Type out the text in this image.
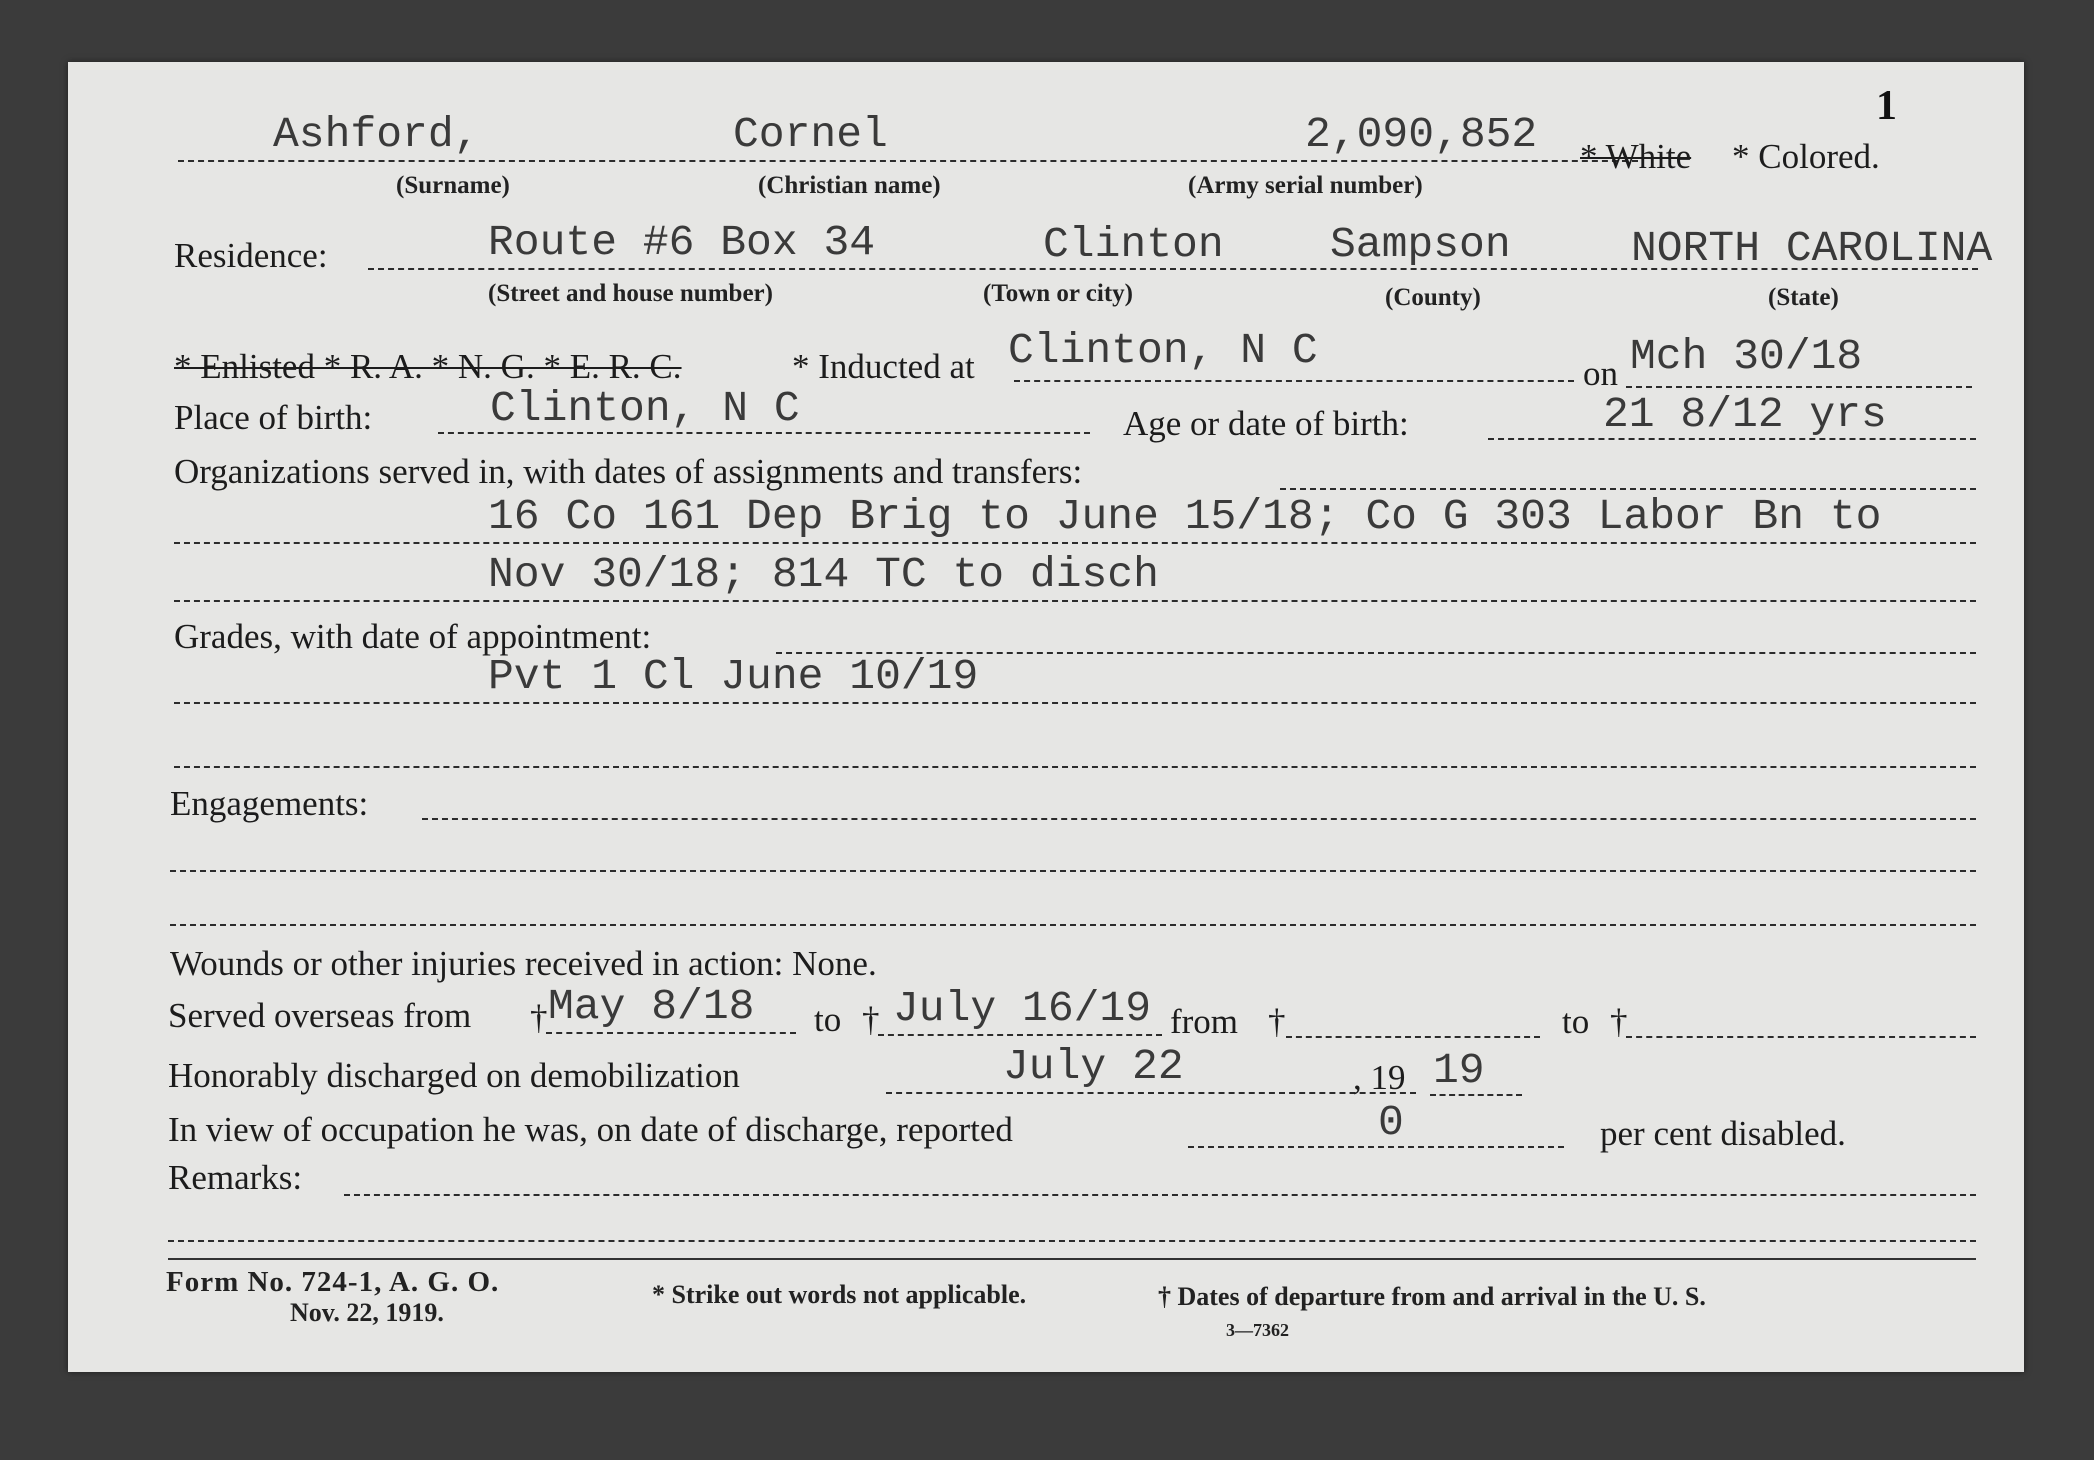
1
Ashford,	Cornel	2,090,852 * White * Colored.
(Surname)	(Christian name)	(Army serial number)
Residence:	Route #6 Box 34	Clinton Sampson	NORTH CAROLINA
(Street and house number)	(Town or city)	(County)	(State)
* Enlisted * R. A. * N. G. * E. R. C.	* Inducted at Clinton, N C	on Mch 30/18
Place of birth:	Clinton, N C	Age or date of birth:	21 8/12 yrs
Organizations served in, with dates of assignments and transfers:
16 Co 161 Dep Brig to June 15/18; Co G 303 Labor Bn to
Nov 30/18; 814 TC to disch
Grades, with date of appointment:
Pvt 1 Cl June 10/19
Engagements:
Wounds or other injuries received in action: None.
Served overseas from † May 8/18 to † July 16/19 from †	to †
Honorably discharged on demobilization	July 22	, 19 19
In view of occupation he was, on date of discharge, reported	0	per cent disabled.
Remarks:
Form No. 724-1, A. G. O.
Nov. 22, 1919.
* Strike out words not applicable.	† Dates of departure from and arrival in the U. S.
3—7362
